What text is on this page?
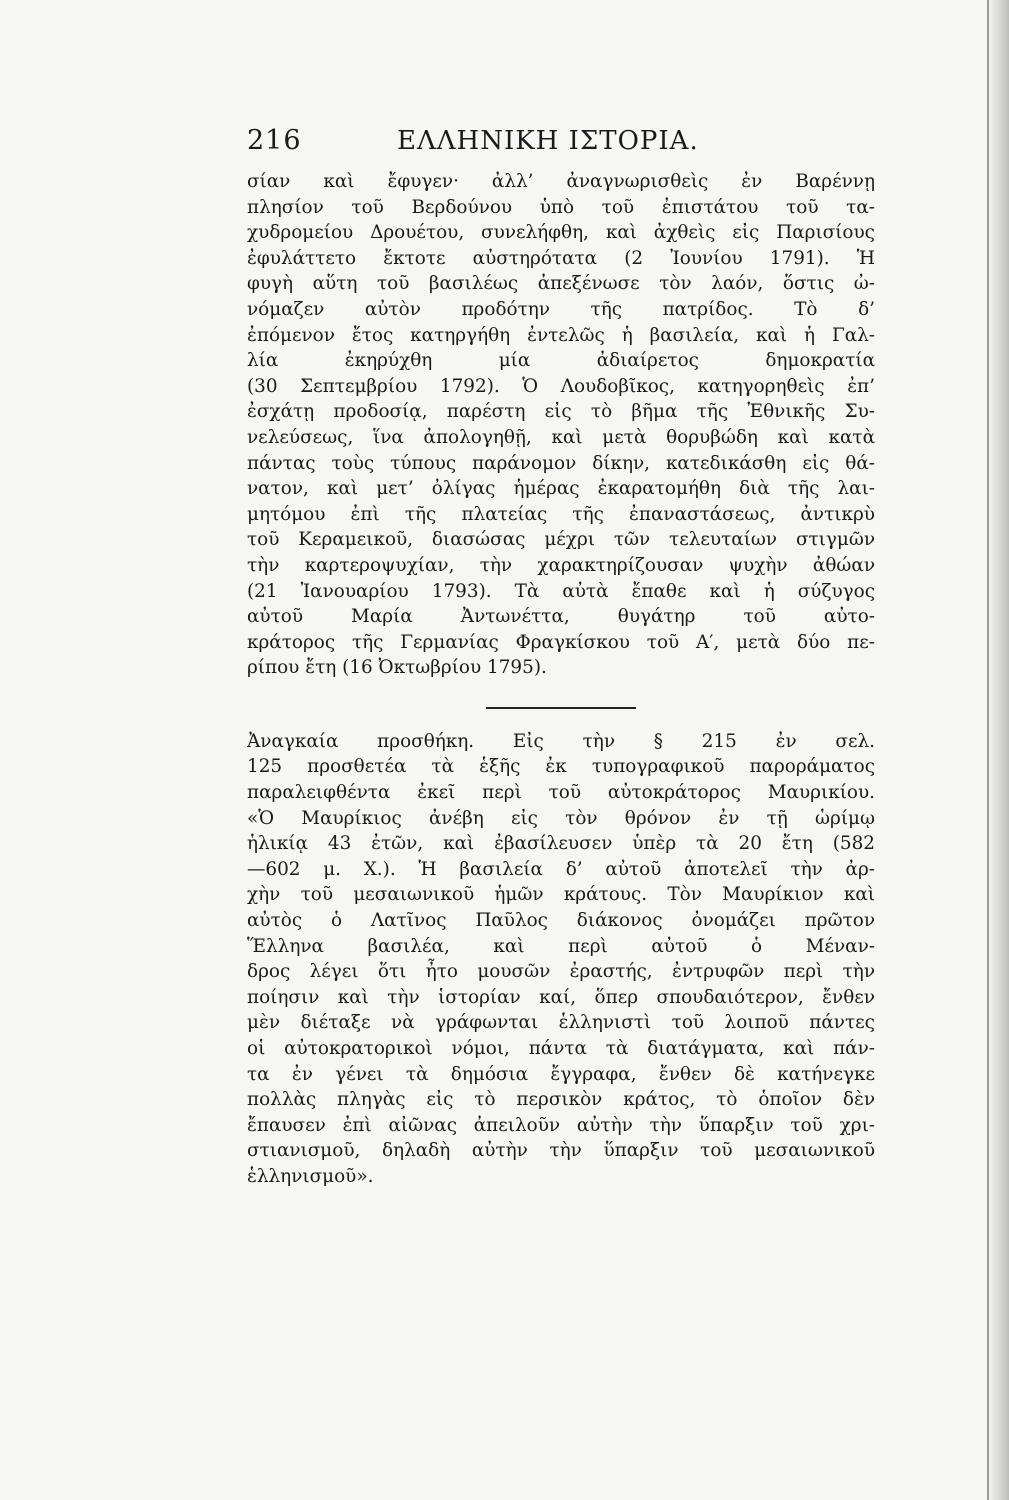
216	ΕΛΛΗΝΙΚΗ ΙΣΤΟΡΙΑ.
σίαν καὶ ἔφυγεν· ἀλλ’ ἀναγνωρισθεὶς ἐν Βαρέννῃ
πλησίον τοῦ Βερδούνου ὑπὸ τοῦ ἐπιστάτου τοῦ τα-
χυδρομείου Δρουέτου, συνελήφθη, καὶ ἀχθεὶς εἰς Παρισίους
ἐφυλάττετο ἔκτοτε αὐστηρότατα (2 Ἰουνίου 1791). Ἡ
φυγὴ αὕτη τοῦ βασιλέως ἀπεξένωσε τὸν λαόν, ὅστις ὠ-
νόμαζεν αὐτὸν προδότην τῆς πατρίδος. Τὸ δ’
ἐπόμενον ἔτος κατηργήθη ἐντελῶς ἡ βασιλεία, καὶ ἡ Γαλ-
λία ἐκηρύχθη μία ἀδιαίρετος δημοκρατία
(30 Σεπτεμβρίου 1792). Ὁ Λουδοβῖκος, κατηγορηθεὶς ἐπ’
ἐσχάτῃ προδοσίᾳ, παρέστη εἰς τὸ βῆμα τῆς Ἐθνικῆς Συ-
νελεύσεως, ἵνα ἀπολογηθῇ, καὶ μετὰ θορυβώδη καὶ κατὰ
πάντας τοὺς τύπους παράνομον δίκην, κατεδικάσθη εἰς θά-
νατον, καὶ μετ’ ὀλίγας ἡμέρας ἐκαρατομήθη διὰ τῆς λαι-
μητόμου ἐπὶ τῆς πλατείας τῆς ἐπαναστάσεως, ἀντικρὺ
τοῦ Κεραμεικοῦ, διασώσας μέχρι τῶν τελευταίων στιγμῶν
τὴν καρτεροψυχίαν, τὴν χαρακτηρίζουσαν ψυχὴν ἀθώαν
(21 Ἰανουαρίου 1793). Τὰ αὐτὰ ἔπαθε καὶ ἡ σύζυγος
αὐτοῦ Μαρία Ἀντωνέττα, θυγάτηρ τοῦ αὐτο-
κράτορος τῆς Γερμανίας Φραγκίσκου τοῦ Α′, μετὰ δύο πε-
ρίπου ἔτη (16 Ὀκτωβρίου 1795).
Ἀναγκαία προσθήκη. Εἰς τὴν § 215 ἐν σελ.
125 προσθετέα τὰ ἑξῆς ἐκ τυπογραφικοῦ παροράματος
παραλειφθέντα ἐκεῖ περὶ τοῦ αὐτοκράτορος Μαυρικίου.
«Ὁ Μαυρίκιος ἀνέβη εἰς τὸν θρόνον ἐν τῇ ὡρίμῳ
ἡλικίᾳ 43 ἐτῶν, καὶ ἐβασίλευσεν ὑπὲρ τὰ 20 ἔτη (582
—602 μ. Χ.). Ἡ βασιλεία δ’ αὐτοῦ ἀποτελεῖ τὴν ἀρ-
χὴν τοῦ μεσαιωνικοῦ ἡμῶν κράτους. Τὸν Μαυρίκιον καὶ
αὐτὸς ὁ Λατῖνος Παῦλος διάκονος ὀνομάζει πρῶτον
Ἕλληνα βασιλέα, καὶ περὶ αὐτοῦ ὁ Μέναν-
δρος λέγει ὅτι ἦτο μουσῶν ἐραστής, ἐντρυφῶν περὶ τὴν
ποίησιν καὶ τὴν ἱστορίαν καί, ὅπερ σπουδαιότερον, ἔνθεν
μὲν διέταξε νὰ γράφωνται ἑλληνιστὶ τοῦ λοιποῦ πάντες
οἱ αὐτοκρατορικοὶ νόμοι, πάντα τὰ διατάγματα, καὶ πάν-
τα ἐν γένει τὰ δημόσια ἔγγραφα, ἔνθεν δὲ κατήνεγκε
πολλὰς πληγὰς εἰς τὸ περσικὸν κράτος, τὸ ὁποῖον δὲν
ἔπαυσεν ἐπὶ αἰῶνας ἀπειλοῦν αὐτὴν τὴν ὕπαρξιν τοῦ χρι-
στιανισμοῦ, δηλαδὴ αὐτὴν τὴν ὕπαρξιν τοῦ μεσαιωνικοῦ
ἑλληνισμοῦ».
